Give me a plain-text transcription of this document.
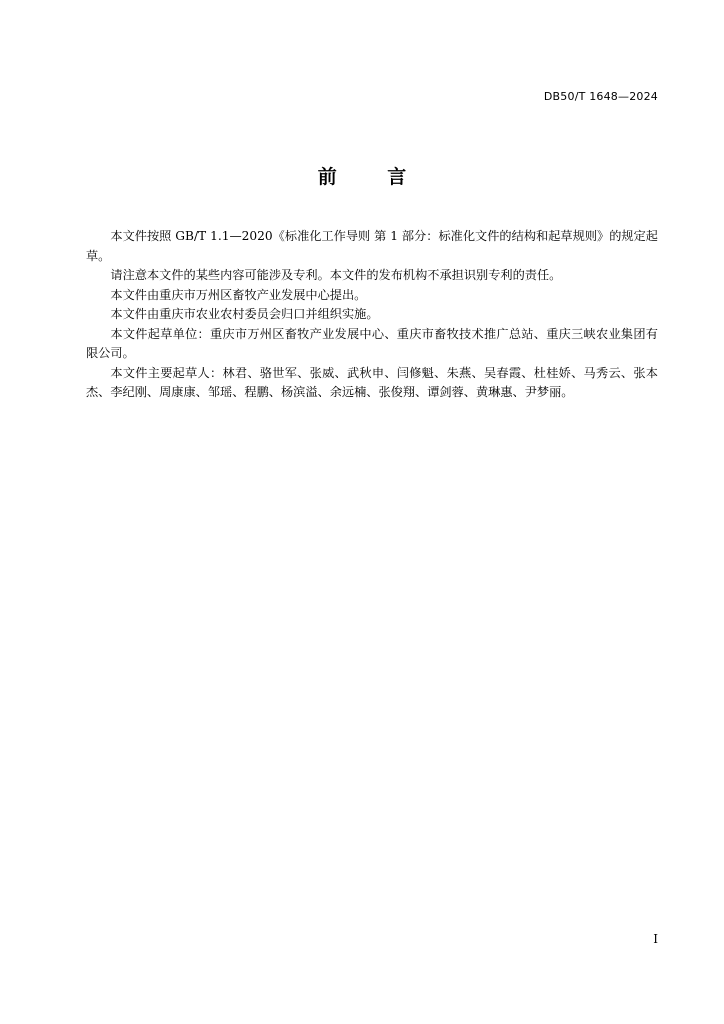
DB50/T 1648—2024
前 言

本文件按照 GB/T 1.1—2020《标准化工作导则 第 1 部分：标准化文件的结构和起草规则》的规定起草。

请注意本文件的某些内容可能涉及专利。本文件的发布机构不承担识别专利的责任。

本文件由重庆市万州区畜牧产业发展中心提出。

本文件由重庆市农业农村委员会归口并组织实施。

本文件起草单位：重庆市万州区畜牧产业发展中心、重庆市畜牧技术推广总站、重庆三峡农业集团有限公司。

本文件主要起草人：林君、骆世军、张威、武秋申、闫修魁、朱燕、吴春霞、杜桂娇、马秀云、张本杰、李纪刚、周康康、邹瑶、程鹏、杨滨溢、余远楠、张俊翔、谭剑蓉、黄琳惠、尹梦丽。

I
